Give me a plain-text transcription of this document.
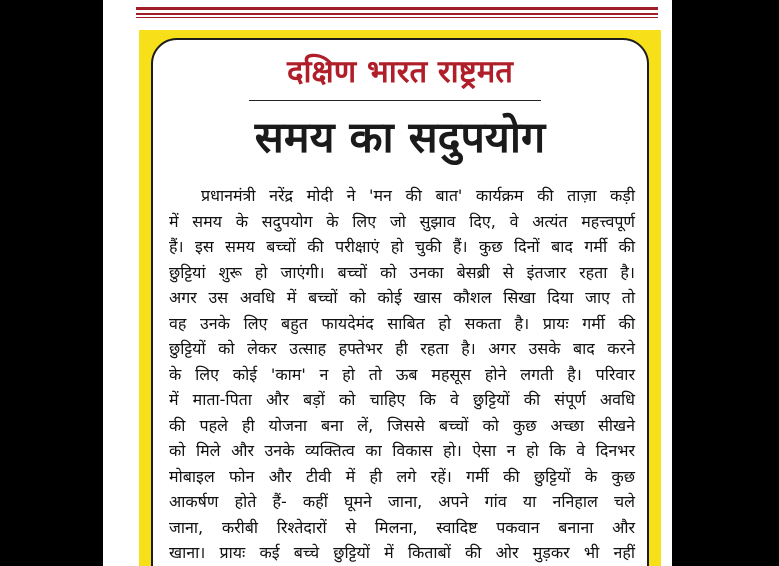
दक्षिण भारत राष्ट्रमत
समय का सदुपयोग
प्रधानमंत्री नरेंद्र मोदी ने 'मन की बात' कार्यक्रम की ताज़ा कड़ी
में समय के सदुपयोग के लिए जो सुझाव दिए, वे अत्यंत महत्त्वपूर्ण
हैं। इस समय बच्चों की परीक्षाएं हो चुकी हैं। कुछ दिनों बाद गर्मी की
छुट्टियां शुरू हो जाएंगी। बच्चों को उनका बेसब्री से इंतजार रहता है।
अगर उस अवधि में बच्चों को कोई खास कौशल सिखा दिया जाए तो
वह उनके लिए बहुत फायदेमंद साबित हो सकता है। प्रायः गर्मी की
छुट्टियों को लेकर उत्साह हफ्तेभर ही रहता है। अगर उसके बाद करने
के लिए कोई 'काम' न हो तो ऊब महसूस होने लगती है। परिवार
में माता-पिता और बड़ों को चाहिए कि वे छुट्टियों की संपूर्ण अवधि
की पहले ही योजना बना लें, जिससे बच्चों को कुछ अच्छा सीखने
को मिले और उनके व्यक्तित्व का विकास हो। ऐसा न हो कि वे दिनभर
मोबाइल फोन और टीवी में ही लगे रहें। गर्मी की छुट्टियों के कुछ
आकर्षण होते हैं- कहीं घूमने जाना, अपने गांव या ननिहाल चले
जाना, करीबी रिश्तेदारों से मिलना, स्वादिष्ट पकवान बनाना और
खाना। प्रायः कई बच्चे छुट्टियों में किताबों की ओर मुड़कर भी नहीं
